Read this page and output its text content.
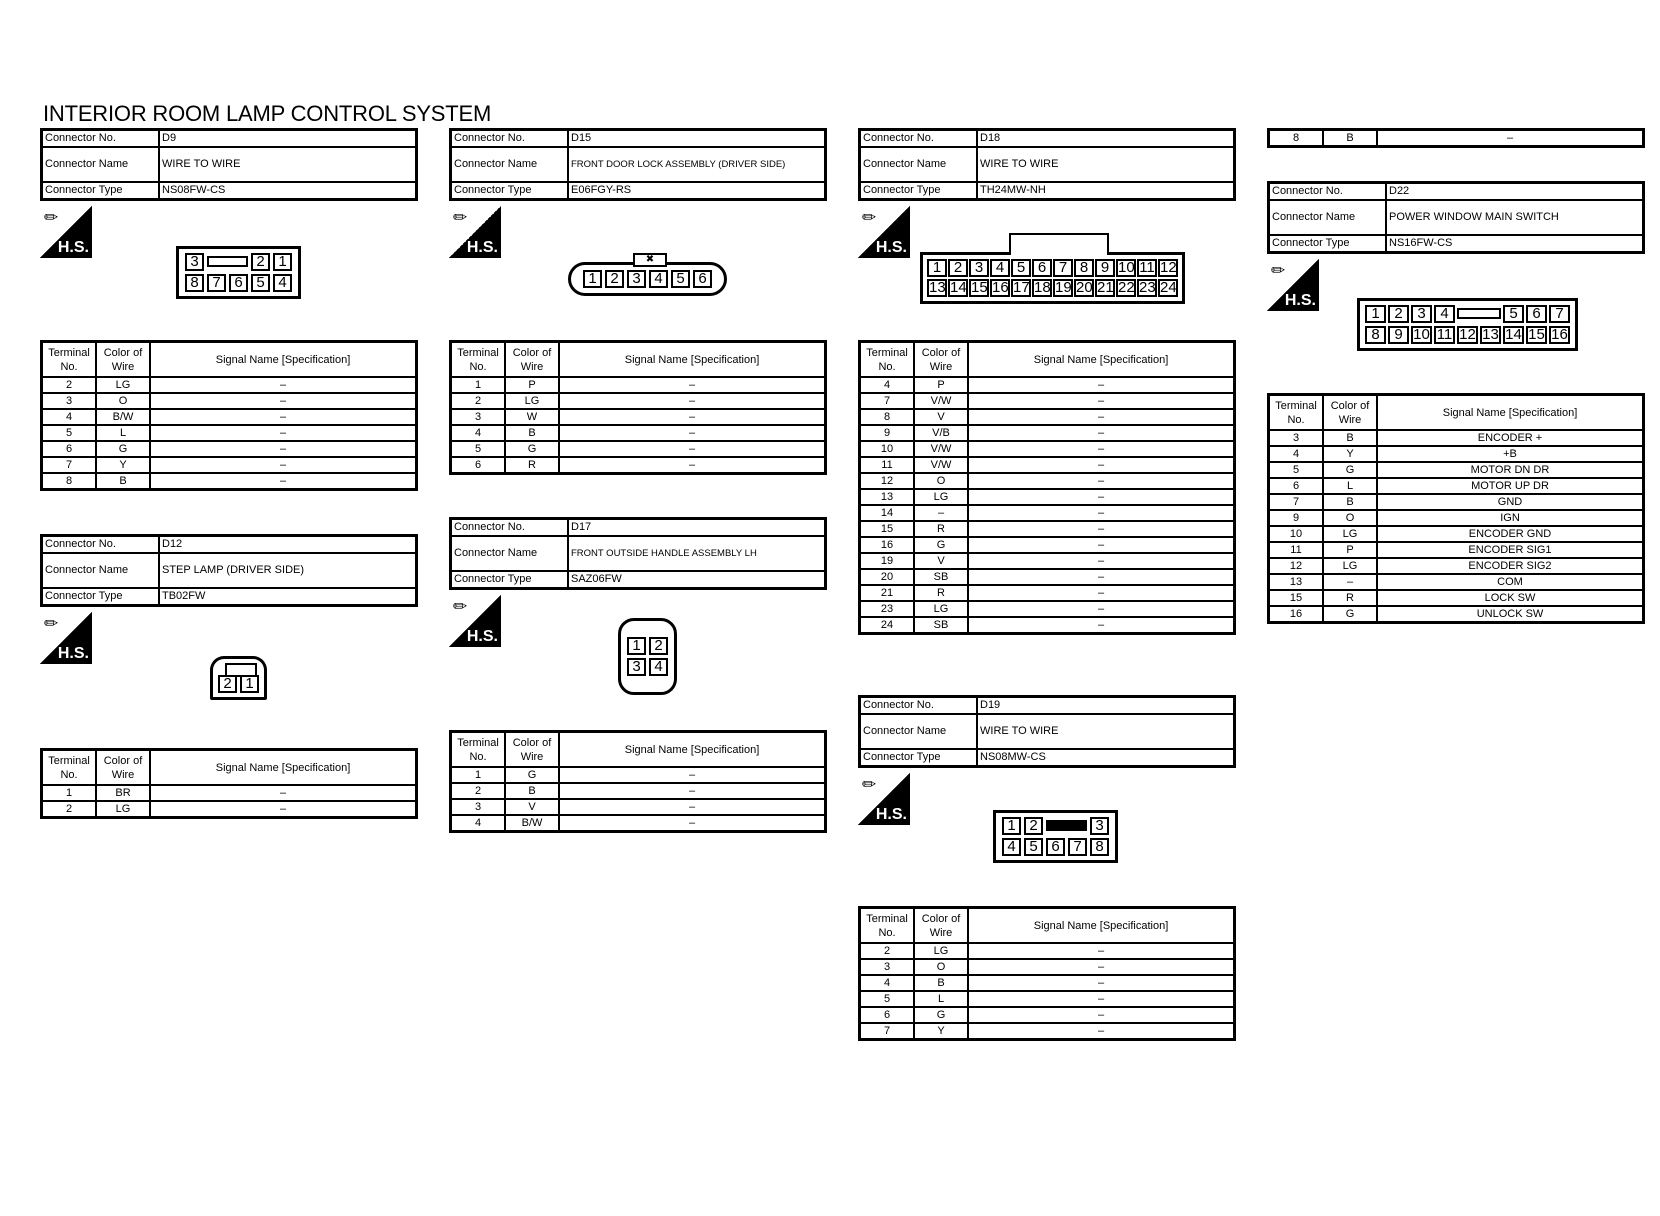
INTERIOR ROOM LAMP CONTROL SYSTEM
Connector No.	D9
Connector Name	WIRE TO WIRE
Connector Type	NS08FW-CS
✏
H.S.
3	2 1
8 7 6 5 4
Terminal No.	Color of Wire	Signal Name [Specification]
2	LG	–
3	O	–
4	B/W	–
5	L	–
6	G	–
7	Y	–
8	B	–
Connector No.	D12
Connector Name	STEP LAMP (DRIVER SIDE)
Connector Type	TB02FW
✏
H.S.
2 1
Terminal No.	Color of Wire	Signal Name [Specification]
1	BR	–
2	LG	–
Connector No.	D15
Connector Name	FRONT DOOR LOCK ASSEMBLY (DRIVER SIDE)
Connector Type	E06FGY-RS
✏
H.S.
✖
1 2 3 4 5 6
Terminal No.	Color of Wire	Signal Name [Specification]
1	P	–
2	LG	–
3	W	–
4	B	–
5	G	–
6	R	–
Connector No.	D17
Connector Name	FRONT OUTSIDE HANDLE ASSEMBLY LH
Connector Type	SAZ06FW
✏
H.S.
1 2
3 4
Terminal No.	Color of Wire	Signal Name [Specification]
1	G	–
2	B	–
3	V	–
4	B/W	–
Connector No.	D18
Connector Name	WIRE TO WIRE
Connector Type	TH24MW-NH
✏
H.S.
1 2 3 4 5 6 7 8 9 10 11 12
13 14 15 16 17 18 19 20 21 22 23 24
Terminal No.	Color of Wire	Signal Name [Specification]
4	P	–
7	V/W	–
8	V	–
9	V/B	–
10	V/W	–
11	V/W	–
12	O	–
13	LG	–
14	–	–
15	R	–
16	G	–
19	V	–
20	SB	–
21	R	–
23	LG	–
24	SB	–
Connector No.	D19
Connector Name	WIRE TO WIRE
Connector Type	NS08MW-CS
✏
H.S.
1 2	3
4 5 6 7 8
Terminal No.	Color of Wire	Signal Name [Specification]
2	LG	–
3	O	–
4	B	–
5	L	–
6	G	–
7	Y	–
8	B	–
Connector No.	D22
Connector Name	POWER WINDOW MAIN SWITCH
Connector Type	NS16FW-CS
✏
H.S.
1 2 3 4	5 6 7
8 9 10 11 12 13 14 15 16
Terminal No.	Color of Wire	Signal Name [Specification]
3	B	ENCODER +
4	Y	+B
5	G	MOTOR DN DR
6	L	MOTOR UP DR
7	B	GND
9	O	IGN
10	LG	ENCODER GND
11	P	ENCODER SIG1
12	LG	ENCODER SIG2
13	–	COM
15	R	LOCK SW
16	G	UNLOCK SW
